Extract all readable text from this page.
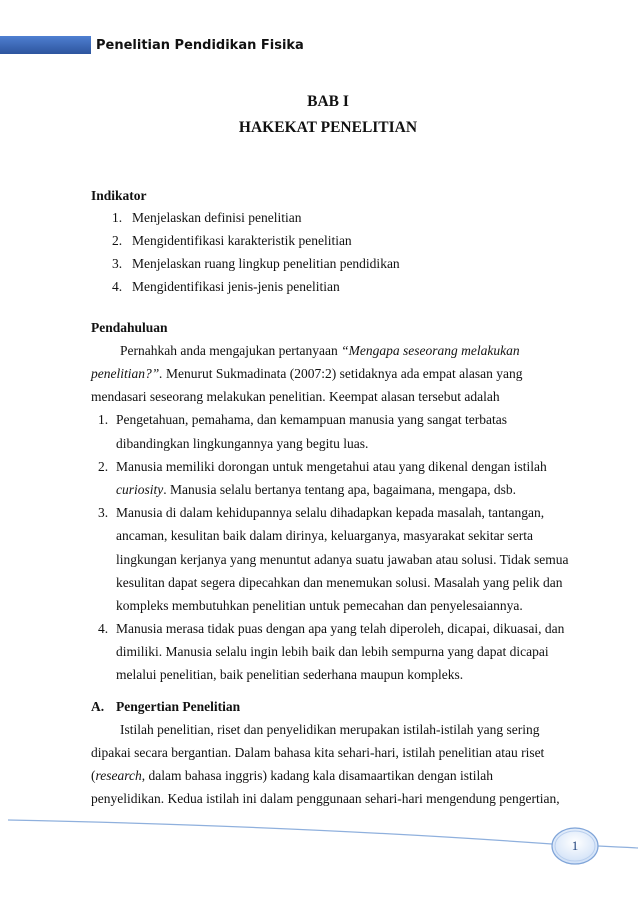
Penelitian Pendidikan Fisika
BAB I
HAKEKAT PENELITIAN
Indikator
1. Menjelaskan definisi penelitian
2. Mengidentifikasi karakteristik penelitian
3. Menjelaskan ruang lingkup penelitian pendidikan
4. Mengidentifikasi jenis-jenis penelitian
Pendahuluan
Pernahkah anda mengajukan pertanyaan “Mengapa seseorang melakukan
penelitian?”. Menurut Sukmadinata (2007:2) setidaknya ada empat alasan yang
mendasari seseorang melakukan penelitian. Keempat alasan tersebut adalah
1. Pengetahuan, pemahama, dan kemampuan manusia yang sangat terbatas
dibandingkan lingkungannya yang begitu luas.
2. Manusia memiliki dorongan untuk mengetahui atau yang dikenal dengan istilah
curiosity. Manusia selalu bertanya tentang apa, bagaimana, mengapa, dsb.
3. Manusia di dalam kehidupannya selalu dihadapkan kepada masalah, tantangan,
ancaman, kesulitan baik dalam dirinya, keluarganya, masyarakat sekitar serta
lingkungan kerjanya yang menuntut adanya suatu jawaban atau solusi. Tidak semua
kesulitan dapat segera dipecahkan dan menemukan solusi. Masalah yang pelik dan
kompleks membutuhkan penelitian untuk pemecahan dan penyelesaiannya.
4. Manusia merasa tidak puas dengan apa yang telah diperoleh, dicapai, dikuasai, dan
dimiliki. Manusia selalu ingin lebih baik dan lebih sempurna yang dapat dicapai
melalui penelitian, baik penelitian sederhana maupun kompleks.
A. Pengertian Penelitian
Istilah penelitian, riset dan penyelidikan merupakan istilah-istilah yang sering
dipakai secara bergantian. Dalam bahasa kita sehari-hari, istilah penelitian atau riset
(research, dalam bahasa inggris) kadang kala disamaartikan dengan istilah
penyelidikan. Kedua istilah ini dalam penggunaan sehari-hari mengendung pengertian,
1
